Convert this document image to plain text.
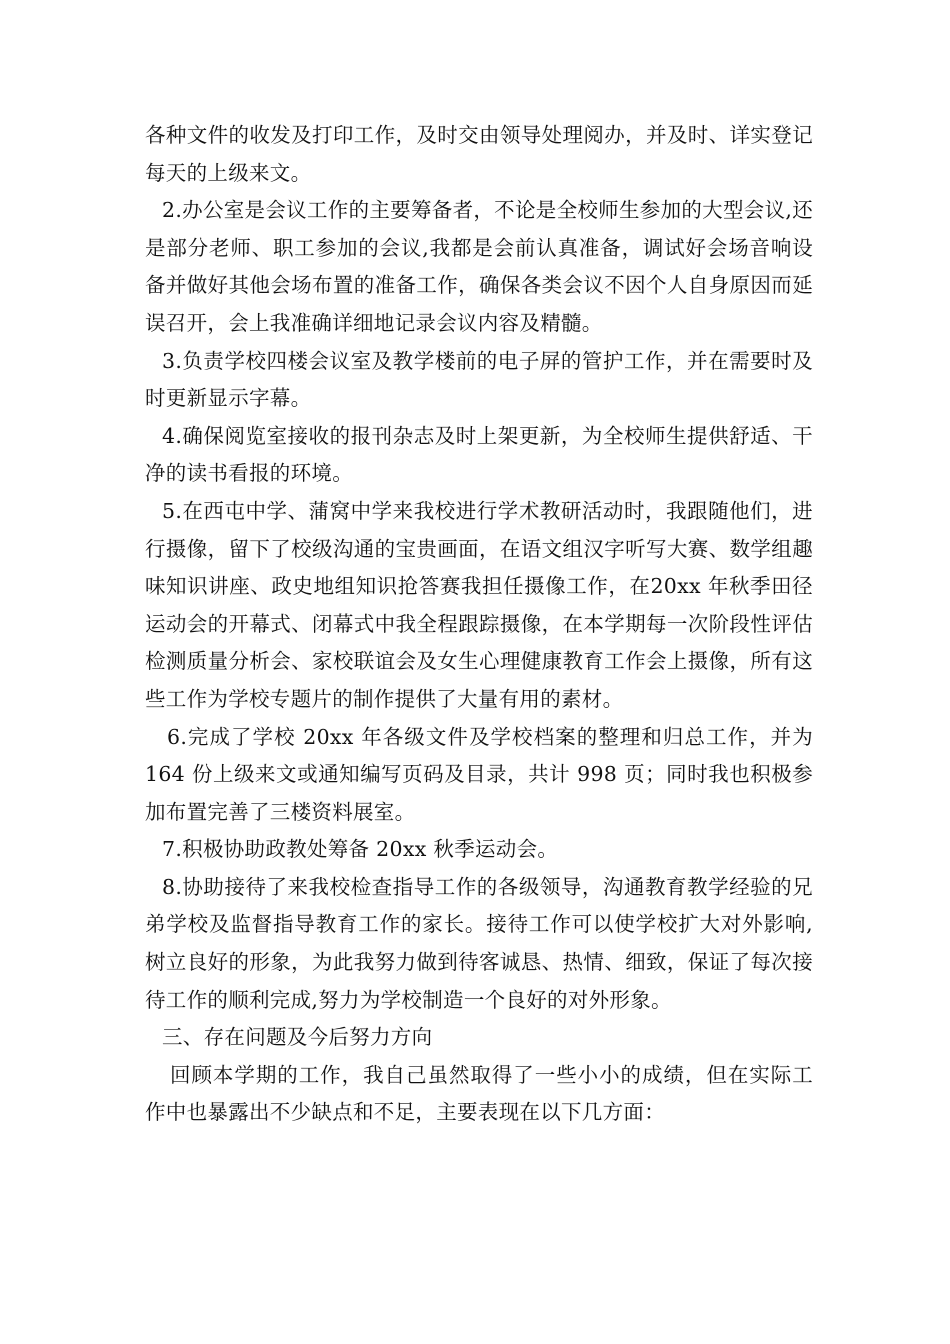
各种文件的收发及打印工作，及时交由领导处理阅办，并及时、详实登记每天的上级来文。

2.办公室是会议工作的主要筹备者，不论是全校师生参加的大型会议,还是部分老师、职工参加的会议,我都是会前认真准备，调试好会场音响设备并做好其他会场布置的准备工作，确保各类会议不因个人自身原因而延误召开，会上我准确详细地记录会议内容及精髓。

3.负责学校四楼会议室及教学楼前的电子屏的管护工作，并在需要时及时更新显示字幕。

4.确保阅览室接收的报刊杂志及时上架更新，为全校师生提供舒适、干净的读书看报的环境。

5.在西屯中学、蒲窝中学来我校进行学术教研活动时，我跟随他们，进行摄像，留下了校级沟通的宝贵画面，在语文组汉字听写大赛、数学组趣味知识讲座、政史地组知识抢答赛我担任摄像工作，在20xx 年秋季田径运动会的开幕式、闭幕式中我全程跟踪摄像，在本学期每一次阶段性评估检测质量分析会、家校联谊会及女生心理健康教育工作会上摄像，所有这些工作为学校专题片的制作提供了大量有用的素材。

6.完成了学校 20xx 年各级文件及学校档案的整理和归总工作，并为 164 份上级来文或通知编写页码及目录，共计 998 页；同时我也积极参加布置完善了三楼资料展室。

7.积极协助政教处筹备 20xx 秋季运动会。

8.协助接待了来我校检查指导工作的各级领导，沟通教育教学经验的兄弟学校及监督指导教育工作的家长。接待工作可以使学校扩大对外影响,树立良好的形象，为此我努力做到待客诚恳、热情、细致，保证了每次接待工作的顺利完成,努力为学校制造一个良好的对外形象。

三、存在问题及今后努力方向

回顾本学期的工作，我自己虽然取得了一些小小的成绩，但在实际工作中也暴露出不少缺点和不足，主要表现在以下几方面：
